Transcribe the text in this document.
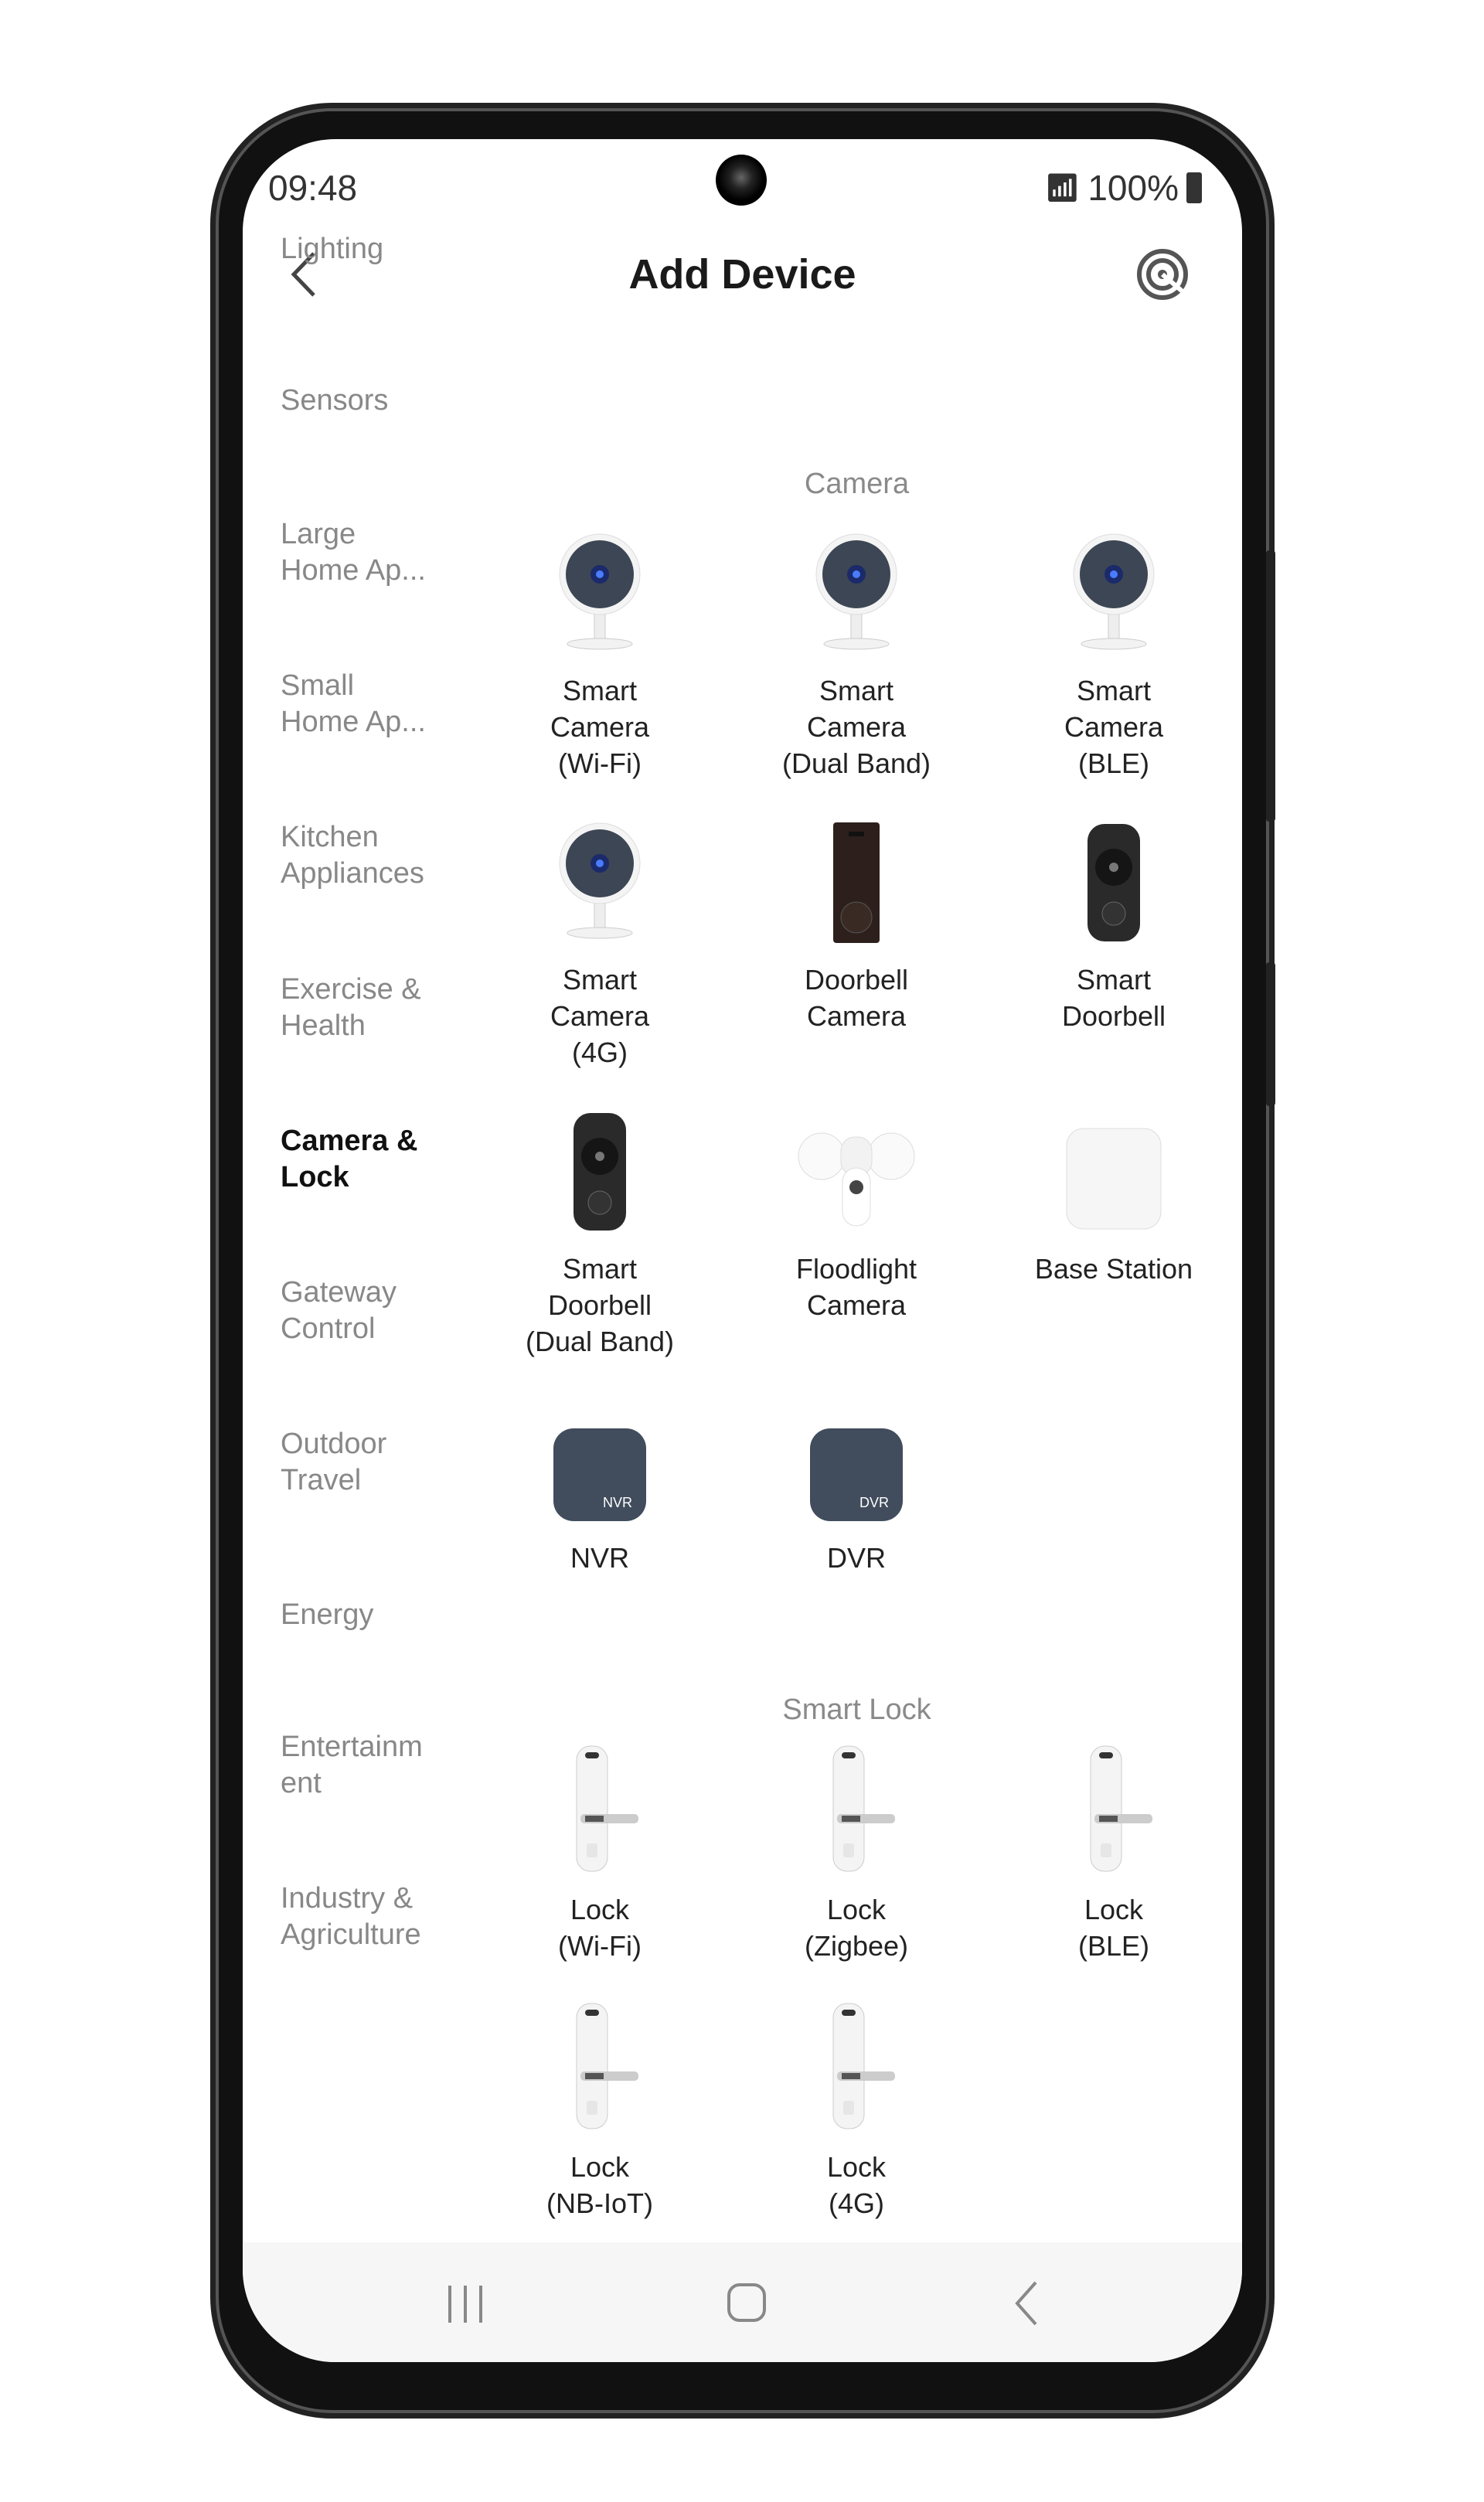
09:48	📶︎ 100%
Add Device
Lighting
Sensors
Large
Home Ap...
Small
Home Ap...
Kitchen
Appliances
Exercise &
Health
Camera &
Lock
Gateway
Control
Outdoor
Travel
Energy
Entertainm
ent
Industry &
Agriculture
Camera
Smart
Camera
(Wi-Fi)
Smart
Camera
(Dual Band)
Smart
Camera
(BLE)
Smart
Camera
(4G)
Doorbell
Camera
Smart
Doorbell
Smart
Doorbell
(Dual Band)
Floodlight
Camera
Base Station
NVR
NVR
DVR
DVR
Smart Lock
Lock
(Wi-Fi)
Lock
(Zigbee)
Lock
(BLE)
Lock
(NB-IoT)
Lock
(4G)
